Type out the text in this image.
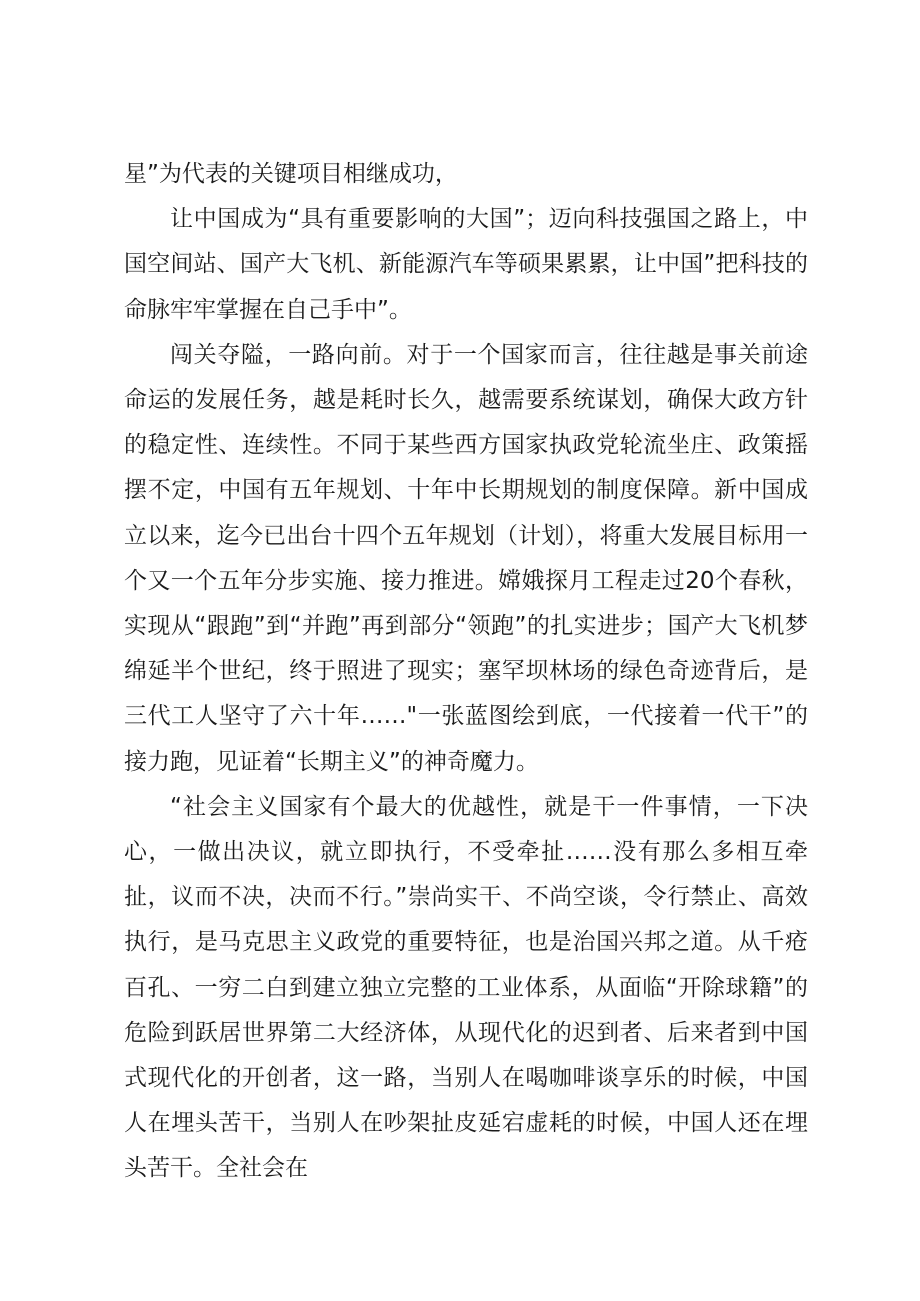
星”为代表的关键项目相继成功，

让中国成为“具有重要影响的大国”；迈向科技强国之路上，中国空间站、国产大飞机、新能源汽车等硕果累累，让中国”把科技的命脉牢牢掌握在自己手中”。

闯关夺隘，一路向前。对于一个国家而言，往往越是事关前途命运的发展任务，越是耗时长久，越需要系统谋划，确保大政方针的稳定性、连续性。不同于某些西方国家执政党轮流坐庄、政策摇摆不定，中国有五年规划、十年中长期规划的制度保障。新中国成立以来，迄今已出台十四个五年规划（计划），将重大发展目标用一个又一个五年分步实施、接力推进。嫦娥探月工程走过20个春秋，实现从“跟跑”到“并跑”再到部分“领跑”的扎实进步；国产大飞机梦绵延半个世纪，终于照进了现实；塞罕坝林场的绿色奇迹背后，是三代工人坚守了六十年……"一张蓝图绘到底，一代接着一代干”的接力跑，见证着“长期主义”的神奇魔力。

“社会主义国家有个最大的优越性，就是干一件事情，一下决心，一做出决议，就立即执行，不受牵扯……没有那么多相互牵扯，议而不决，决而不行。”崇尚实干、不尚空谈，令行禁止、高效执行，是马克思主义政党的重要特征，也是治国兴邦之道。从千疮百孔、一穷二白到建立独立完整的工业体系，从面临“开除球籍”的危险到跃居世界第二大经济体，从现代化的迟到者、后来者到中国式现代化的开创者，这一路，当别人在喝咖啡谈享乐的时候，中国人在埋头苦干，当别人在吵架扯皮延宕虚耗的时候，中国人还在埋头苦干。全社会在
